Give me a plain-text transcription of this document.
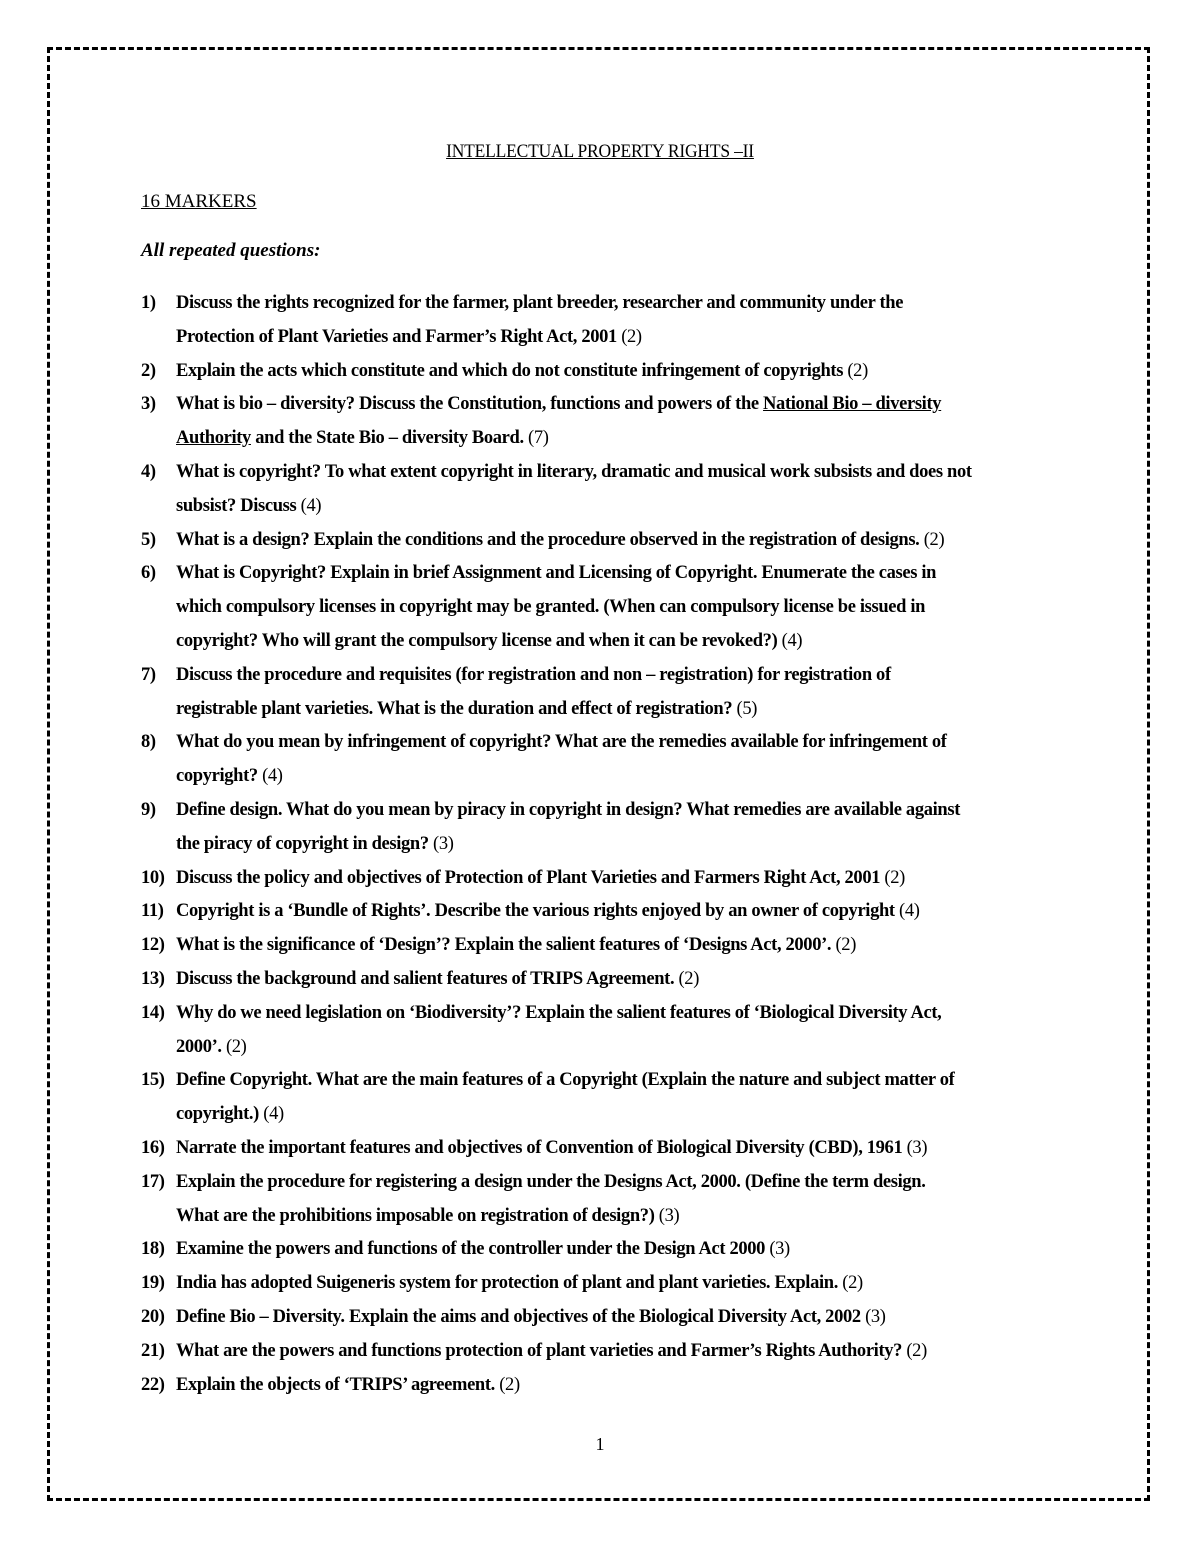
INTELLECTUAL PROPERTY RIGHTS –II
16 MARKERS
All repeated questions:
1) Discuss the rights recognized for the farmer, plant breeder, researcher and community under the
Protection of Plant Varieties and Farmer’s Right Act, 2001 (2)
2) Explain the acts which constitute and which do not constitute infringement of copyrights (2)
3) What is bio – diversity? Discuss the Constitution, functions and powers of the National Bio – diversity
Authority and the State Bio – diversity Board. (7)
4) What is copyright? To what extent copyright in literary, dramatic and musical work subsists and does not
subsist? Discuss (4)
5) What is a design? Explain the conditions and the procedure observed in the registration of designs. (2)
6) What is Copyright? Explain in brief Assignment and Licensing of Copyright. Enumerate the cases in
which compulsory licenses in copyright may be granted. (When can compulsory license be issued in
copyright? Who will grant the compulsory license and when it can be revoked?) (4)
7) Discuss the procedure and requisites (for registration and non – registration) for registration of
registrable plant varieties. What is the duration and effect of registration? (5)
8) What do you mean by infringement of copyright? What are the remedies available for infringement of
copyright? (4)
9) Define design. What do you mean by piracy in copyright in design? What remedies are available against
the piracy of copyright in design? (3)
10) Discuss the policy and objectives of Protection of Plant Varieties and Farmers Right Act, 2001 (2)
11) Copyright is a ‘Bundle of Rights’. Describe the various rights enjoyed by an owner of copyright (4)
12) What is the significance of ‘Design’? Explain the salient features of ‘Designs Act, 2000’. (2)
13) Discuss the background and salient features of TRIPS Agreement. (2)
14) Why do we need legislation on ‘Biodiversity’? Explain the salient features of ‘Biological Diversity Act,
2000’. (2)
15) Define Copyright. What are the main features of a Copyright (Explain the nature and subject matter of
copyright.) (4)
16) Narrate the important features and objectives of Convention of Biological Diversity (CBD), 1961 (3)
17) Explain the procedure for registering a design under the Designs Act, 2000. (Define the term design.
What are the prohibitions imposable on registration of design?) (3)
18) Examine the powers and functions of the controller under the Design Act 2000 (3)
19) India has adopted Suigeneris system for protection of plant and plant varieties. Explain. (2)
20) Define Bio – Diversity. Explain the aims and objectives of the Biological Diversity Act, 2002 (3)
21) What are the powers and functions protection of plant varieties and Farmer’s Rights Authority? (2)
22) Explain the objects of ‘TRIPS’ agreement. (2)
1
